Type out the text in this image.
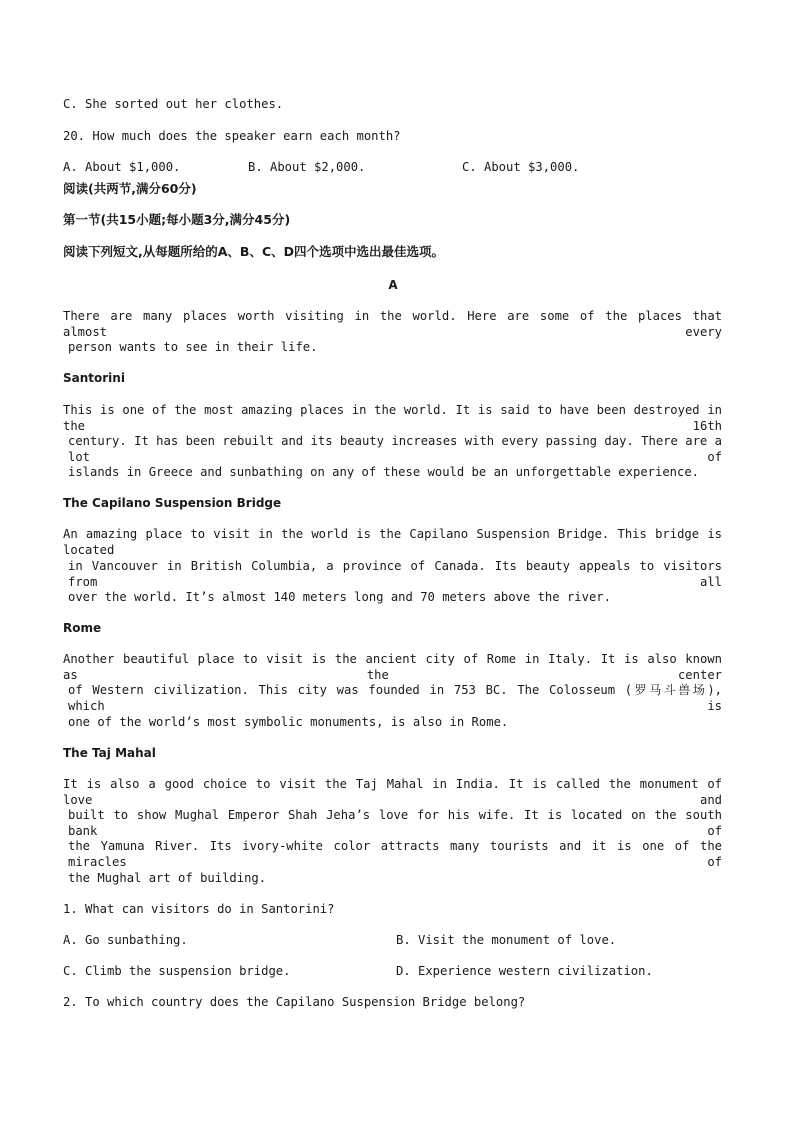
C. She sorted out her clothes.
20. How much does the speaker earn each month?
A. About $1,000.	B. About $2,000.	C. About $3,000.
阅读(共两节,满分60分)
第一节(共15小题;每小题3分,满分45分)
阅读下列短文,从每题所给的A、B、C、D四个选项中选出最佳选项。
A
There are many places worth visiting in the world. Here are some of the places that almost every
person wants to see in their life.
Santorini
This is one of the most amazing places in the world. It is said to have been destroyed in the 16th
century. It has been rebuilt and its beauty increases with every passing day. There are a lot of
islands in Greece and sunbathing on any of these would be an unforgettable experience.
The Capilano Suspension Bridge
An amazing place to visit in the world is the Capilano Suspension Bridge. This bridge is located
in Vancouver in British Columbia, a province of Canada. Its beauty appeals to visitors from all
over the world. It’s almost 140 meters long and 70 meters above the river.
Rome
Another beautiful place to visit is the ancient city of Rome in Italy. It is also known as the center
of Western civilization. This city was founded in 753 BC. The Colosseum (罗马斗兽场), which is
one of the world’s most symbolic monuments, is also in Rome.
The Taj Mahal
It is also a good choice to visit the Taj Mahal in India. It is called the monument of love and
built to show Mughal Emperor Shah Jeha’s love for his wife. It is located on the south bank of
the Yamuna River. Its ivory-white color attracts many tourists and it is one of the miracles of
the Mughal art of building.
1. What can visitors do in Santorini?
A. Go sunbathing.	B. Visit the monument of love.
C. Climb the suspension bridge.	D. Experience western civilization.
2. To which country does the Capilano Suspension Bridge belong?
